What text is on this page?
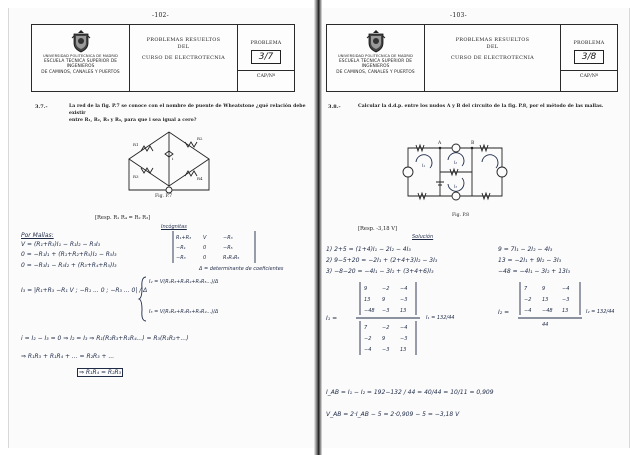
-102-
UNIVERSIDAD POLITECNICA DE MADRID
ESCUELA TECNICA SUPERIOR DE INGENIEROS
DE CAMINOS, CANALES Y PUERTOS
PROBLEMAS RESUELTOS
DEL
CURSO DE ELECTROTECNIA
PROBLEMA
3/7
CAP/Nº
3.7.-	La red de la fig. P.7 se conoce con el nombre de puente de Wheatstone ¿qué relación debe existir
entre R₁, R₂, R₃ y R₄, para que i sea igual a cero?
R1
R2
R3	R4
i
Fig. P.7
[Resp. R₁ R₄ = R₂ R₃]
Incógnitas
Por Mallas:
V = (R₁+R₃)I₁ − R₁I₂ − R₃I₃
0 = −R₁I₁ + (R₁+R₂+R₅)I₂ − R₅I₃
0 = −R₃I₁ − R₅I₂ + (R₃+R₄+R₅)I₃
R₁+R₃ V	−R₃
−R₁	0	−R₅
−R₃	0	R₃R₄R₅
Δ = determinante de coeficientes
I₃ = |R₁+R₃ −R₁ V ; −R₁ ... 0 ; −R₃ ... 0| / Δ
I₂ = V(R₁R₃+R₁R₄+R₃R₅...)/Δ
I₃ = V(R₁R₂+R₁R₅+R₃R₂...)/Δ
i = I₂ − I₃ = 0 ⇒ I₂ = I₃ ⇒ R₁(R₂R₃+R₁R₄...) = R₃(R₁R₂+...)
⇒ R₁R₃ + R₁R₄ + ... = R₂R₃ + ...
⇒ R₁R₄ = R₂R₃
-103-
UNIVERSIDAD POLITECNICA DE MADRID
ESCUELA TECNICA SUPERIOR DE INGENIEROS
DE CAMINOS, CANALES Y PUERTOS
PROBLEMAS RESUELTOS
DEL
CURSO DE ELECTROTECNIA
PROBLEMA
3/8
CAP/Nº
3.8.-	Calcular la d.d.p. entre los nudos A y B del circuito de la fig. P.8, por el método de las mallas.
A	B
I₁
I₂
I₃
Fig. P.8
[Resp. -3,18 V]
Solución
1) 2+5 = (1+4)I₁ − 2I₂ − 4I₃
2) 9−5+20 = −2I₁ + (2+4+3)I₂ − 3I₃
3) −8−20 = −4I₁ − 3I₂ + (3+4+6)I₃
9 = 7I₁ − 2I₂ − 4I₃
13 = −2I₁ + 9I₂ − 3I₃
−48 = −4I₁ − 3I₂ + 13I₃
9	−2 −4
13 9	−3
−48 −3 13
7	−2 −4
−2 9	−3
−4 −3 13
I₁ =	I₁ = 132/44
7	9	−4
−2 13	−3
−4 −48 13
44
I₂ =	I₂ = 132/44
I_AB = I₁ − I₂ = 192−132 / 44 = 40/44 = 10/11 = 0,909
V_AB = 2·I_AB − 5 = 2·0,909 − 5 = −3,18 V
